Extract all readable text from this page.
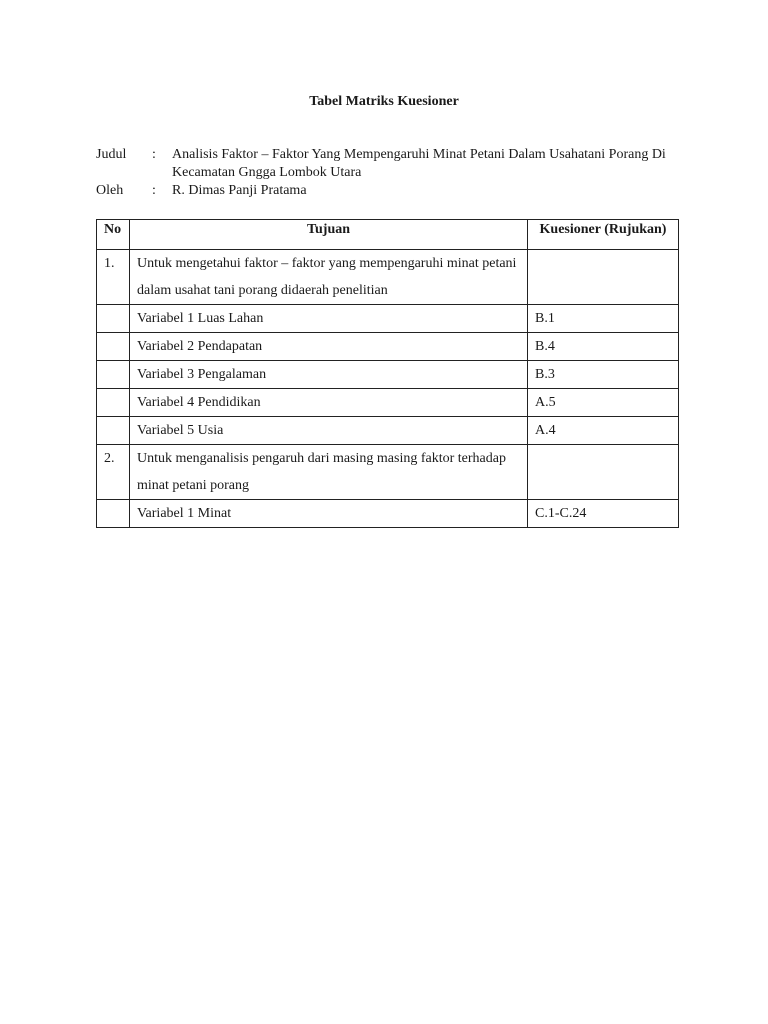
Tabel Matriks Kuesioner
Judul	:	Analisis Faktor – Faktor Yang Mempengaruhi Minat Petani Dalam Usahatani Porang Di Kecamatan Gngga Lombok Utara
Oleh	:	R. Dimas Panji Pratama
No	Tujuan	Kuesioner (Rujukan)
1.	Untuk mengetahui faktor – faktor yang mempengaruhi minat petani dalam usahat tani porang didaerah penelitian	
	Variabel 1 Luas Lahan	B.1
	Variabel 2 Pendapatan	B.4
	Variabel 3 Pengalaman	B.3
	Variabel 4 Pendidikan	A.5
	Variabel 5 Usia	A.4
2.	Untuk menganalisis pengaruh dari masing masing faktor terhadap minat petani porang	
	Variabel 1 Minat	C.1-C.24
